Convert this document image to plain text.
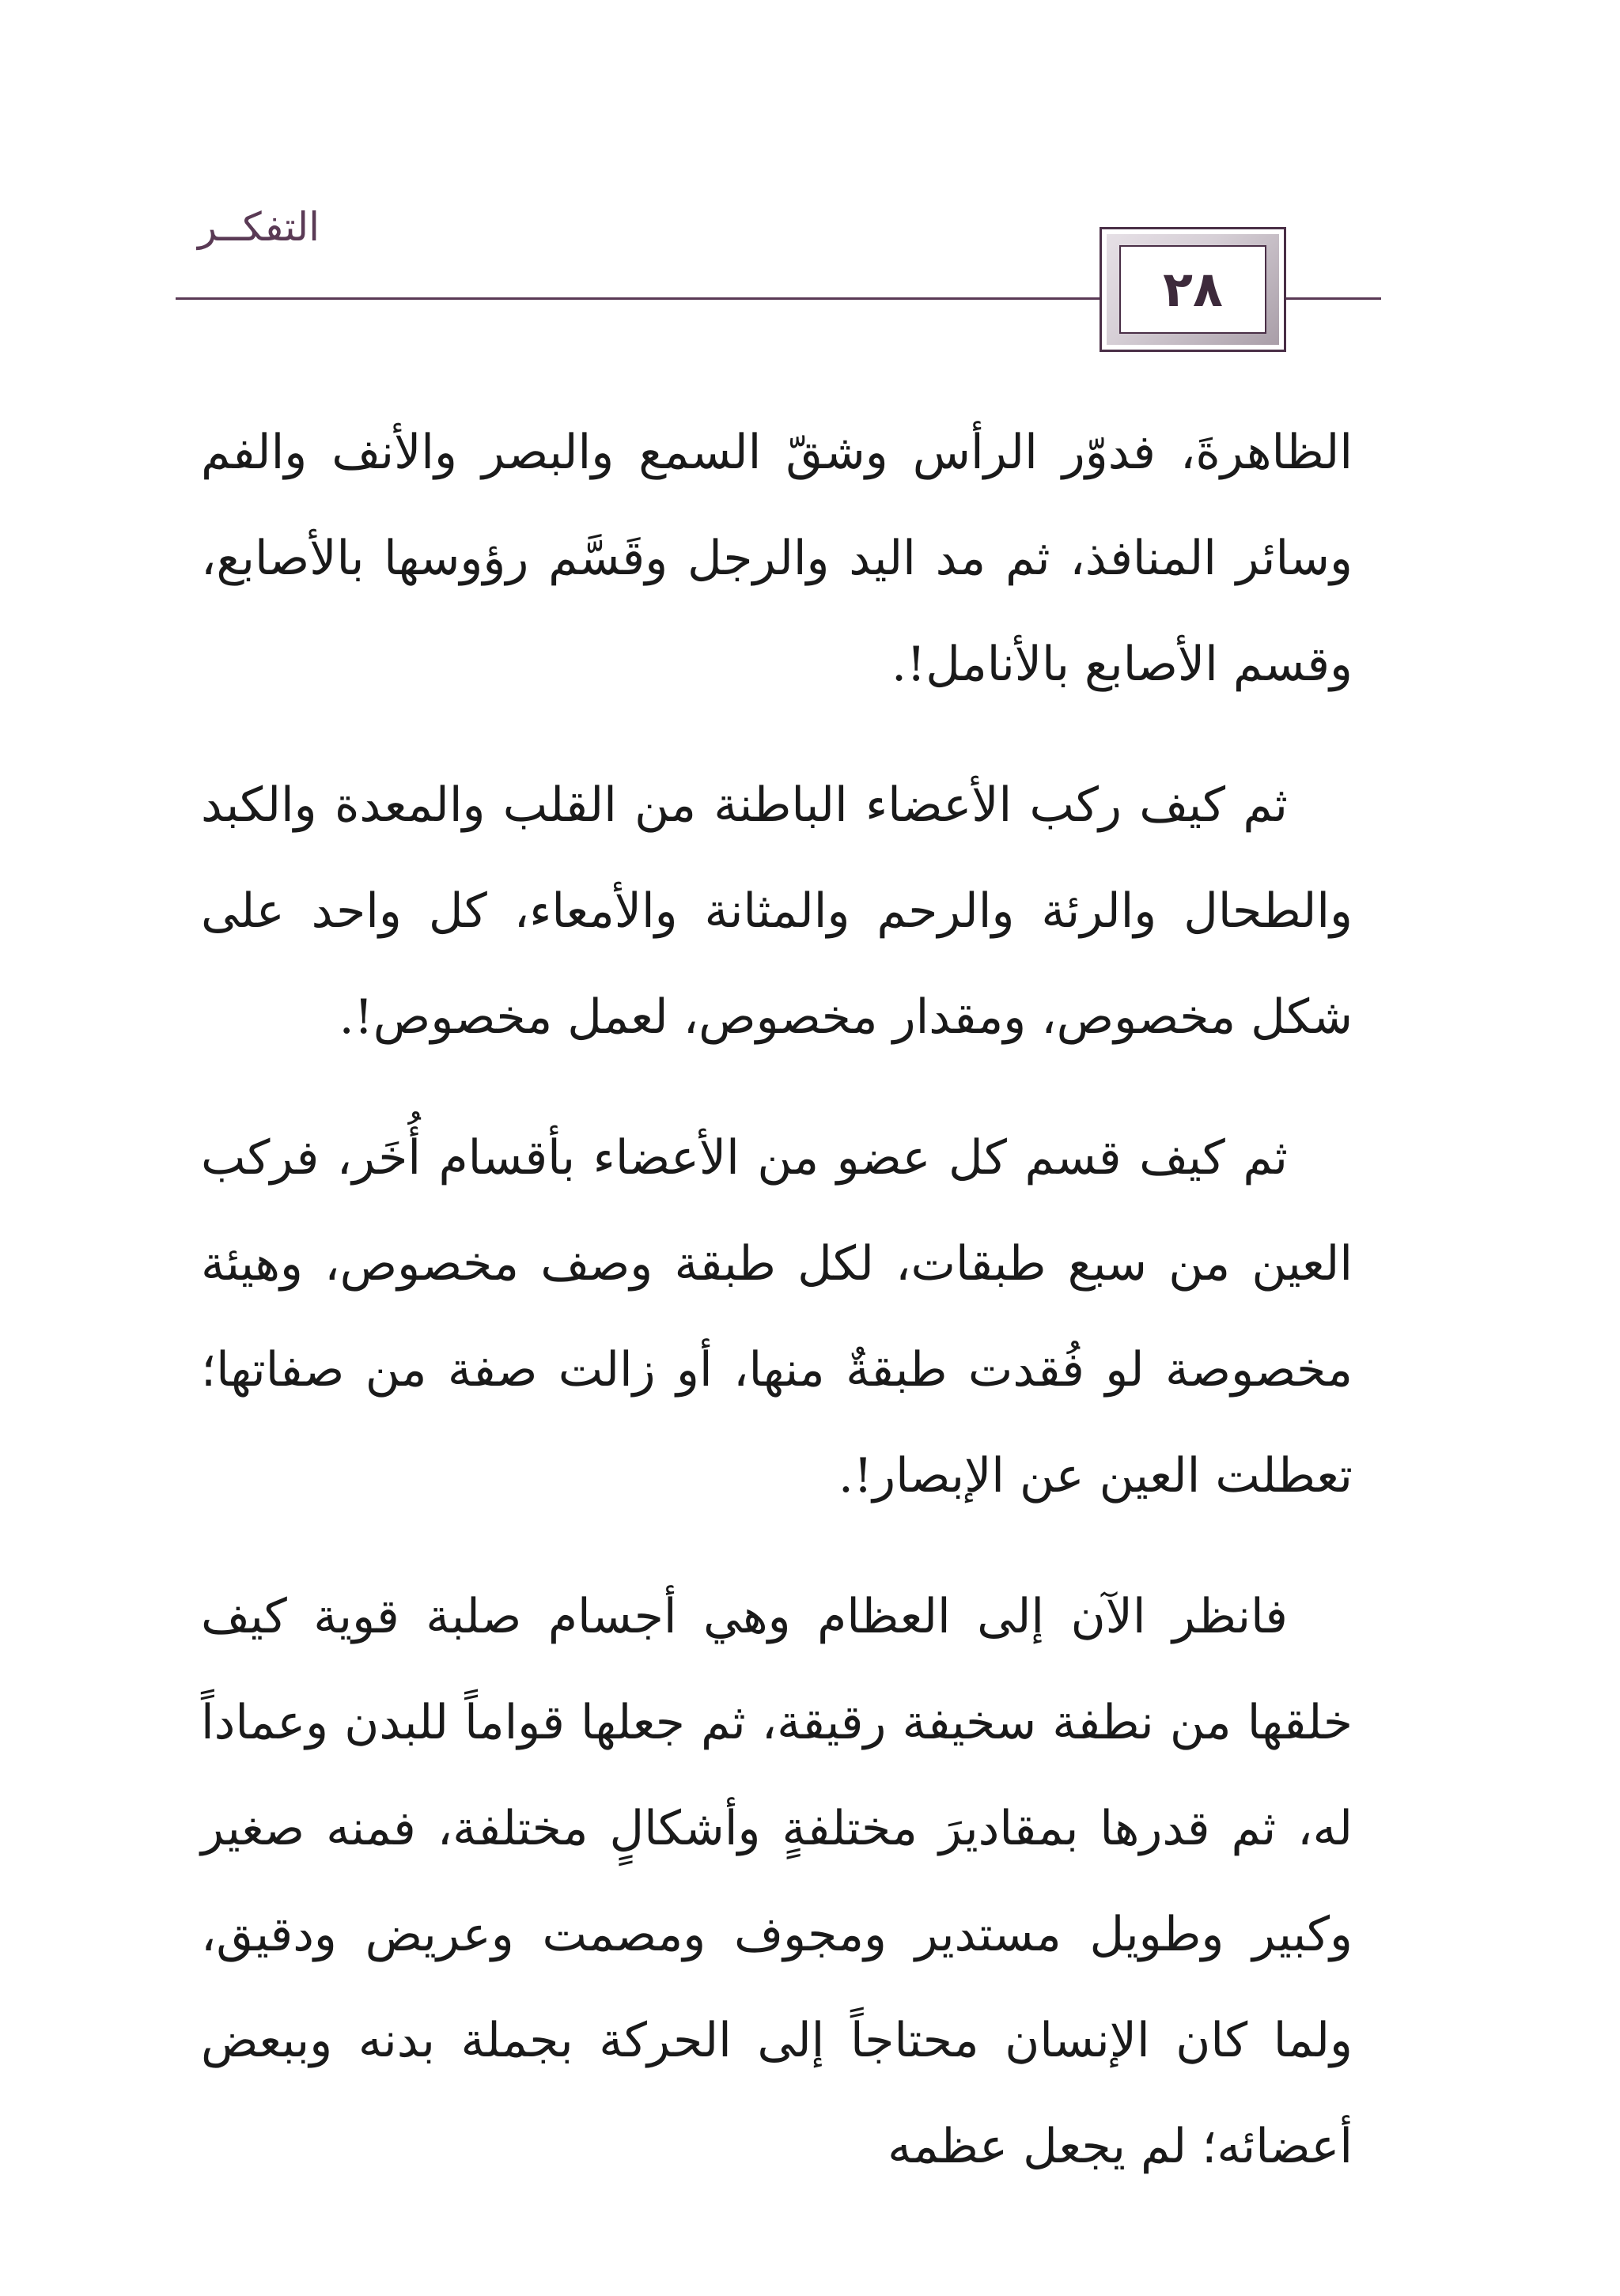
التفكــر
٢٨

الظاهرةَ، فدوّر الرأس وشقّ السمع والبصر والأنف والفم وسائر المنافذ، ثم مد اليد والرجل وقَسَّم رؤوسها بالأصابع، وقسم الأصابع بالأنامل!.

ثم كيف ركب الأعضاء الباطنة من القلب والمعدة والكبد والطحال والرئة والرحم والمثانة والأمعاء، كل واحد على شكل مخصوص، ومقدار مخصوص، لعمل مخصوص!.

ثم كيف قسم كل عضو من الأعضاء بأقسام أُخَر، فركب العين من سبع طبقات، لكل طبقة وصف مخصوص، وهيئة مخصوصة لو فُقدت طبقةٌ منها، أو زالت صفة من صفاتها؛ تعطلت العين عن الإبصار!.

فانظر الآن إلى العظام وهي أجسام صلبة قوية كيف خلقها من نطفة سخيفة رقيقة، ثم جعلها قواماً للبدن وعماداً له، ثم قدرها بمقاديرَ مختلفةٍ وأشكالٍ مختلفة، فمنه صغير وكبير وطويل مستدير ومجوف ومصمت وعريض ودقيق، ولما كان الإنسان محتاجاً إلى الحركة بجملة بدنه وببعض أعضائه؛ لم يجعل عظمه
